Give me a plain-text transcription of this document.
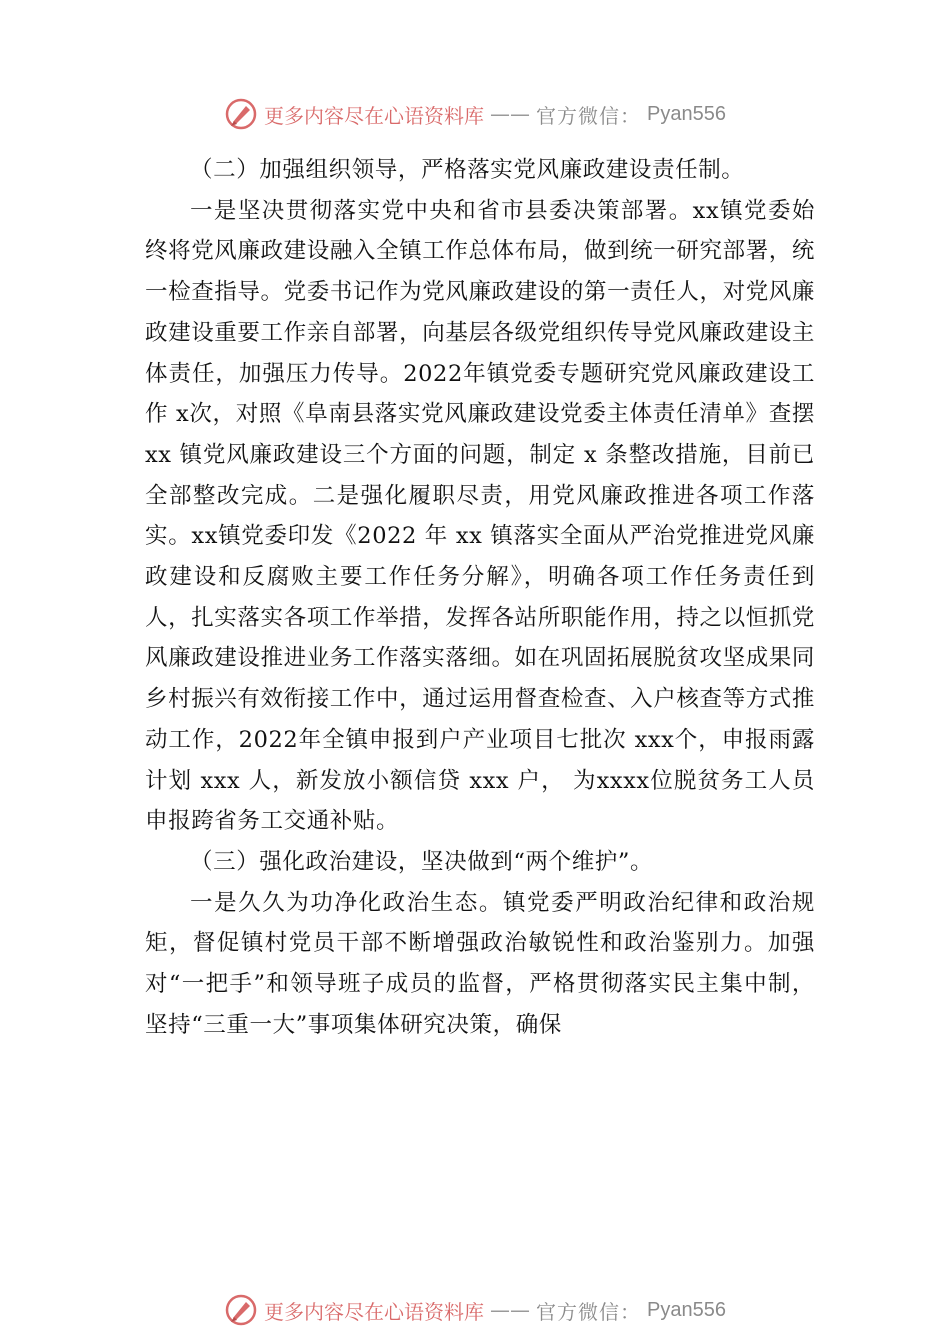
更多内容尽在心语资料库 —— 官方微信： Pyan556

（二）加强组织领导，严格落实党风廉政建设责任制。

一是坚决贯彻落实党中央和省市县委决策部署。xx镇党委始终将党风廉政建设融入全镇工作总体布局，做到统一研究部署，统一检查指导。党委书记作为党风廉政建设的第一责任人，对党风廉政建设重要工作亲自部署，向基层各级党组织传导党风廉政建设主体责任，加强压力传导。2022年镇党委专题研究党风廉政建设工作 x次，对照《阜南县落实党风廉政建设党委主体责任清单》查摆 xx 镇党风廉政建设三个方面的问题，制定 x 条整改措施，目前已全部整改完成。二是强化履职尽责，用党风廉政推进各项工作落实。xx镇党委印发《2022 年 xx 镇落实全面从严治党推进党风廉政建设和反腐败主要工作任务分解》，明确各项工作任务责任到人，扎实落实各项工作举措，发挥各站所职能作用，持之以恒抓党风廉政建设推进业务工作落实落细。如在巩固拓展脱贫攻坚成果同乡村振兴有效衔接工作中，通过运用督查检查、入户核查等方式推动工作，2022年全镇申报到户产业项目七批次 xxx个，申报雨露计划 xxx 人，新发放小额信贷 xxx 户， 为xxxx位脱贫务工人员申报跨省务工交通补贴。

（三）强化政治建设，坚决做到“两个维护”。

一是久久为功净化政治生态。镇党委严明政治纪律和政治规矩，督促镇村党员干部不断增强政治敏锐性和政治鉴别力。加强对“一把手”和领导班子成员的监督，严格贯彻落实民主集中制，坚持“三重一大”事项集体研究决策，确保

更多内容尽在心语资料库 —— 官方微信： Pyan556
